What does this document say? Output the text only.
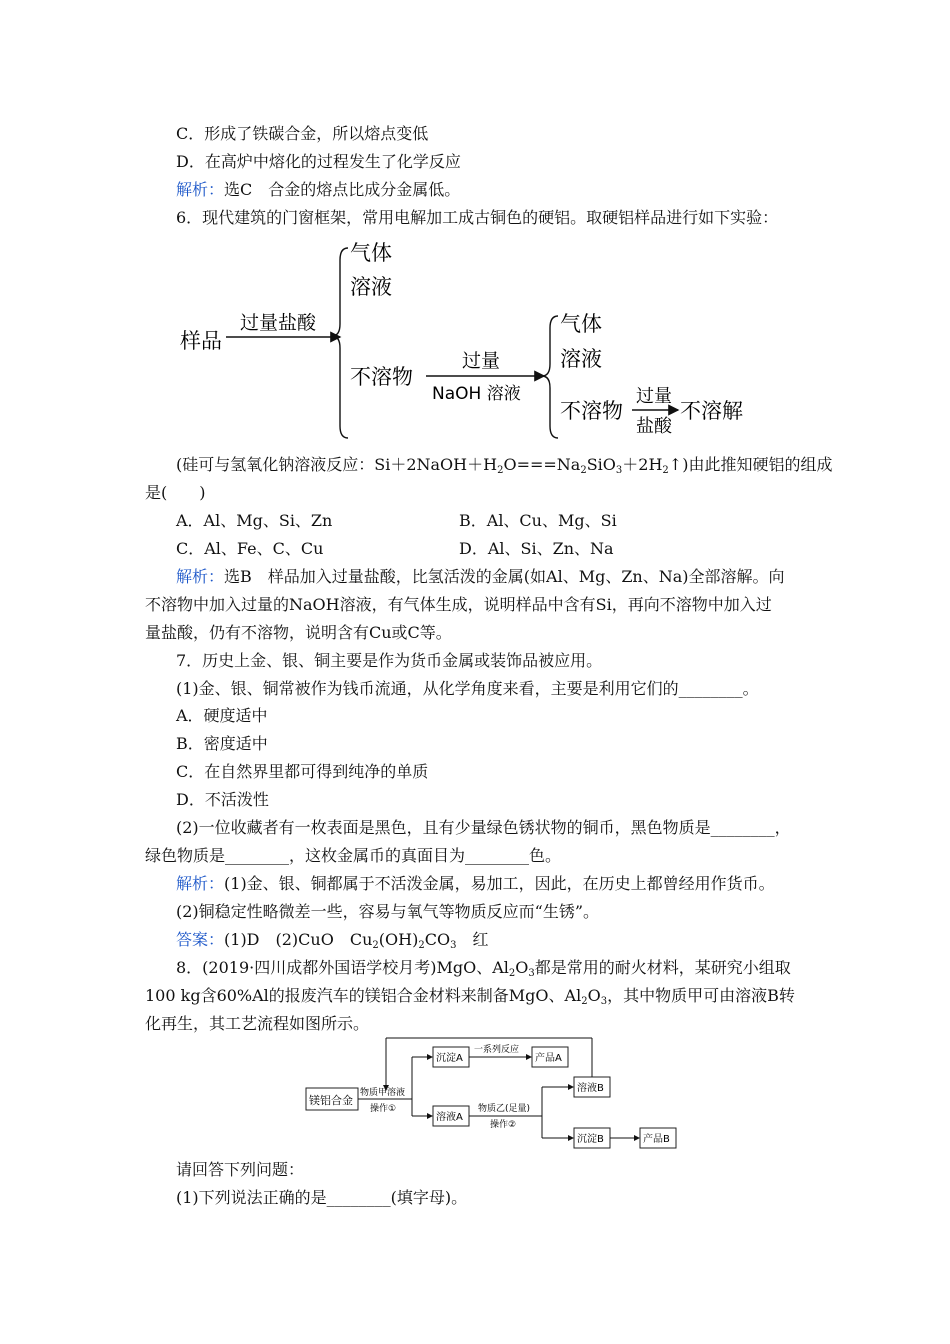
C．形成了铁碳合金，所以熔点变低
D．在高炉中熔化的过程发生了化学反应
解析：选C　合金的熔点比成分金属低。
6．现代建筑的门窗框架，常用电解加工成古铜色的硬铝。取硬铝样品进行如下实验：
样品
过量盐酸
气体
溶液
不溶物
过量
NaOH 溶液
气体
溶液
不溶物
过量
盐酸
不溶解
(硅可与氢氧化钠溶液反应：$Si+2NaOH+H_2O===Na_2SiO_3+2H_2↑$)由此推知硬铝的组成
是(　　)
A．Al、Mg、Si、Zn	B．Al、Cu、Mg、Si
C．Al、Fe、C、Cu	D．Al、Si、Zn、Na
解析：选B　样品加入过量盐酸，比氢活泼的金属(如Al、Mg、Zn、Na)全部溶解。向
不溶物中加入过量的NaOH溶液，有气体生成，说明样品中含有Si，再向不溶物中加入过
量盐酸，仍有不溶物，说明含有Cu或C等。
7．历史上金、银、铜主要是作为货币金属或装饰品被应用。
(1)金、银、铜常被作为钱币流通，从化学角度来看，主要是利用它们的________。
A．硬度适中
B．密度适中
C．在自然界里都可得到纯净的单质
D．不活泼性
(2)一位收藏者有一枚表面是黑色，且有少量绿色锈状物的铜币，黑色物质是________，
绿色物质是________，这枚金属币的真面目为________色。
解析：(1)金、银、铜都属于不活泼金属，易加工，因此，在历史上都曾经用作货币。
(2)铜稳定性略微差一些，容易与氧气等物质反应而“生锈”。
答案：(1)D　(2)CuO　$Cu_2(OH)_2CO_3$　红
8．(2019·四川成都外国语学校月考)MgO、$Al_2O_3$都是常用的耐火材料，某研究小组取
100 kg含60%Al的报废汽车的镁铝合金材料来制备MgO、$Al_2O_3$，其中物质甲可由溶液B转
化再生，其工艺流程如图所示。
镁铝合金
沉淀A	产品A
溶液A
溶液B
沉淀B	产品B
物质甲溶液
操作①
一系列反应
物质乙(足量)
操作②
请回答下列问题：
(1)下列说法正确的是________(填字母)。
